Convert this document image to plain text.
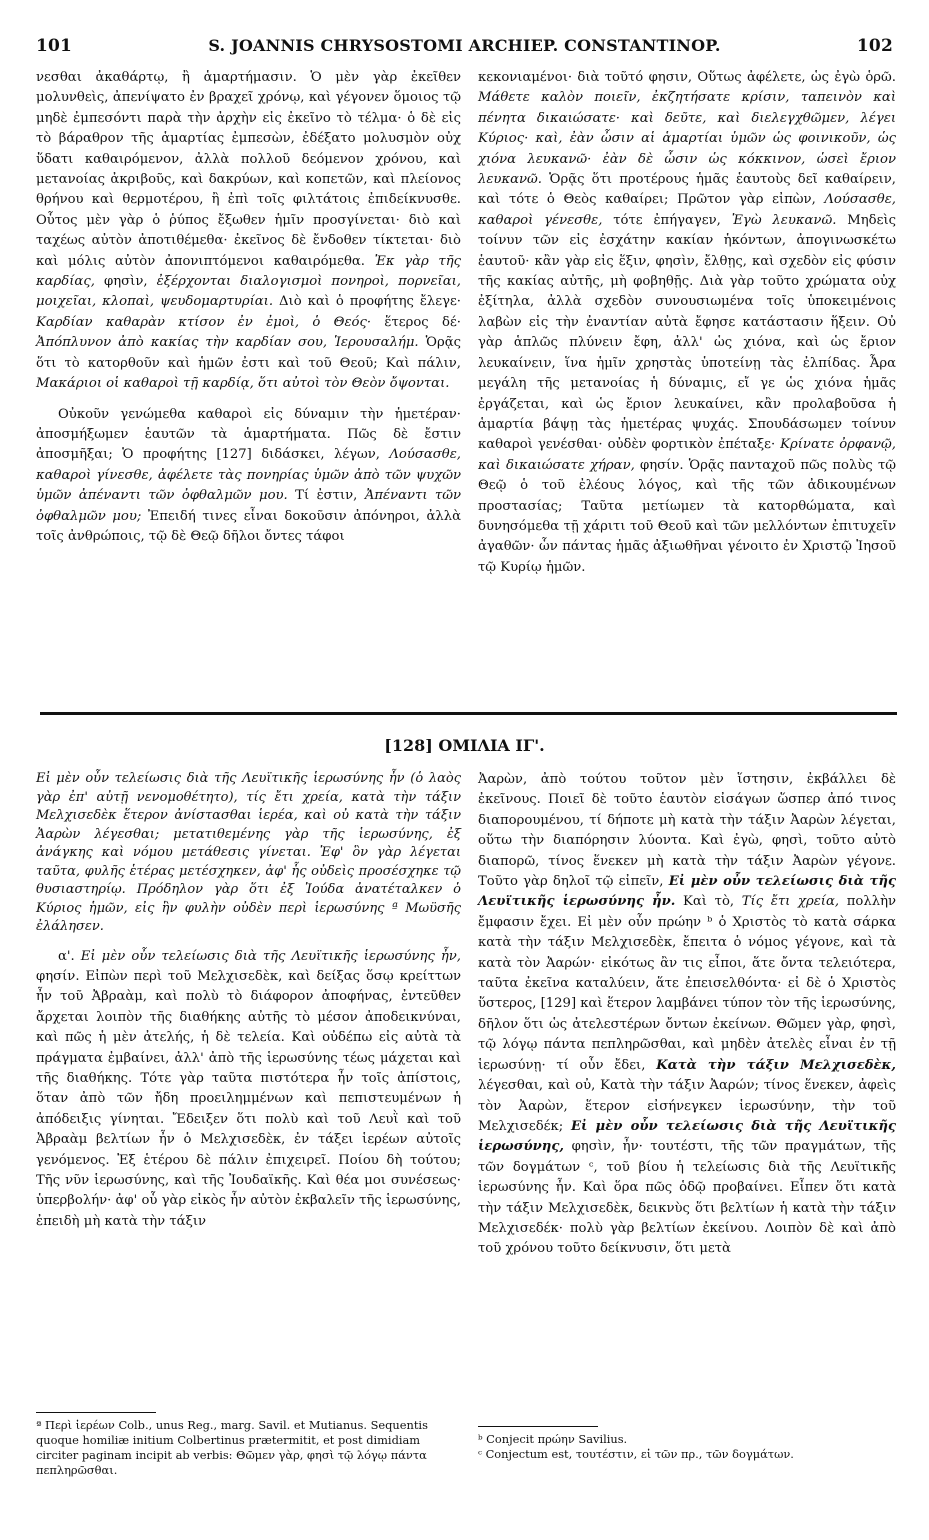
101	S. JOANNIS CHRYSOSTOMI ARCHIEP. CONSTANTINOP.	102

νεσθαι ἀκαθάρτῳ, ἢ ἁμαρτήμασιν. Ὁ μὲν γὰρ ἐκεῖθεν μολυνθεὶς, ἀπενίψατο ἐν βραχεῖ χρόνῳ, καὶ γέγονεν ὅμοιος τῷ μηδὲ ἐμπεσόντι παρὰ τὴν ἀρχὴν εἰς ἐκεῖνο τὸ τέλμα· ὁ δὲ εἰς τὸ βάραθρον τῆς ἁμαρτίας ἐμπεσὼν, ἐδέξατο μολυσμὸν οὐχ ὕδατι καθαιρόμενον, ἀλλὰ πολλοῦ δεόμενον χρόνου, καὶ μετανοίας ἀκριβοῦς, καὶ δακρύων, καὶ κοπετῶν, καὶ πλείονος θρήνου καὶ θερμοτέρου, ἢ ἐπὶ τοῖς φιλτάτοις ἐπιδείκνυσθε. Οὗτος μὲν γὰρ ὁ ῥύπος ἔξωθεν ἡμῖν προσγίνεται· διὸ καὶ ταχέως αὐτὸν ἀποτιθέμεθα· ἐκεῖνος δὲ ἔνδοθεν τίκτεται· διὸ καὶ μόλις αὐτὸν ἀπονιπτόμενοι καθαιρόμεθα. Ἐκ γὰρ τῆς καρδίας, φησὶν, ἐξέρχονται διαλογισμοὶ πονηροὶ, πορνεῖαι, μοιχεῖαι, κλοπαὶ, ψευδομαρτυρίαι. Διὸ καὶ ὁ προφήτης ἔλεγε· Καρδίαν καθαρὰν κτίσον ἐν ἐμοὶ, ὁ Θεός· ἕτερος δέ· Ἀπόπλυνον ἀπὸ κακίας τὴν καρδίαν σου, Ἱερουσαλήμ. Ὁρᾷς ὅτι τὸ κατορθοῦν καὶ ἡμῶν ἐστι καὶ τοῦ Θεοῦ; Καὶ πάλιν, Μακάριοι οἱ καθαροὶ τῇ καρδίᾳ, ὅτι αὐτοὶ τὸν Θεὸν ὄψονται.

Οὐκοῦν γενώμεθα καθαροὶ εἰς δύναμιν τὴν ἡμετέραν· ἀποσμήξωμεν ἑαυτῶν τὰ ἁμαρτήματα. Πῶς δὲ ἔστιν ἀποσμῆξαι; Ὁ προφήτης [127] διδάσκει, λέγων, Λούσασθε, καθαροὶ γίνεσθε, ἀφέλετε τὰς πονηρίας ὑμῶν ἀπὸ τῶν ψυχῶν ὑμῶν ἀπέναντι τῶν ὀφθαλμῶν μου. Τί ἐστιν, Ἀπέναντι τῶν ὀφθαλμῶν μου; Ἐπειδή τινες εἶναι δοκοῦσιν ἀπόνηροι, ἀλλὰ τοῖς ἀνθρώποις, τῷ δὲ Θεῷ δῆλοι ὄντες τάφοι

κεκονιαμένοι· διὰ τοῦτό φησιν, Οὕτως ἀφέλετε, ὡς ἐγὼ ὁρῶ. Μάθετε καλὸν ποιεῖν, ἐκζητήσατε κρίσιν, ταπεινὸν καὶ πένητα δικαιώσατε· καὶ δεῦτε, καὶ διελεγχθῶμεν, λέγει Κύριος· καὶ, ἐὰν ὦσιν αἱ ἁμαρτίαι ὑμῶν ὡς φοινικοῦν, ὡς χιόνα λευκανῶ· ἐὰν δὲ ὦσιν ὡς κόκκινον, ὡσεὶ ἔριον λευκανῶ. Ὁρᾷς ὅτι προτέρους ἡμᾶς ἑαυτοὺς δεῖ καθαίρειν, καὶ τότε ὁ Θεὸς καθαίρει; Πρῶτον γὰρ εἰπὼν, Λούσασθε, καθαροὶ γένεσθε, τότε ἐπήγαγεν, Ἐγὼ λευκανῶ. Μηδεὶς τοίνυν τῶν εἰς ἐσχάτην κακίαν ἡκόντων, ἀπογινωσκέτω ἑαυτοῦ· κἂν γὰρ εἰς ἕξιν, φησὶν, ἔλθῃς, καὶ σχεδὸν εἰς φύσιν τῆς κακίας αὐτῆς, μὴ φοβηθῇς. Διὰ γὰρ τοῦτο χρώματα οὐχ ἐξίτηλα, ἀλλὰ σχεδὸν συνουσιωμένα τοῖς ὑποκειμένοις λαβὼν εἰς τὴν ἐναντίαν αὐτὰ ἔφησε κατάστασιν ἥξειν. Οὐ γὰρ ἁπλῶς πλύνειν ἔφη, ἀλλ' ὡς χιόνα, καὶ ὡς ἔριον λευκαίνειν, ἵνα ἡμῖν χρηστὰς ὑποτείνῃ τὰς ἐλπίδας. Ἆρα μεγάλη τῆς μετανοίας ἡ δύναμις, εἴ γε ὡς χιόνα ἡμᾶς ἐργάζεται, καὶ ὡς ἔριον λευκαίνει, κἂν προλαβοῦσα ἡ ἁμαρτία βάψῃ τὰς ἡμετέρας ψυχάς. Σπουδάσωμεν τοίνυν καθαροὶ γενέσθαι· οὐδὲν φορτικὸν ἐπέταξε· Κρίνατε ὀρφανῷ, καὶ δικαιώσατε χήραν, φησίν. Ὁρᾷς πανταχοῦ πῶς πολὺς τῷ Θεῷ ὁ τοῦ ἐλέους λόγος, καὶ τῆς τῶν ἀδικουμένων προστασίας; Ταῦτα μετίωμεν τὰ κατορθώματα, καὶ δυνησόμεθα τῇ χάριτι τοῦ Θεοῦ καὶ τῶν μελλόντων ἐπιτυχεῖν ἀγαθῶν· ὧν πάντας ἡμᾶς ἀξιωθῆναι γένοιτο ἐν Χριστῷ Ἰησοῦ τῷ Κυρίῳ ἡμῶν.

[128] ΟΜΙΛΙΑ ΙΓ'.

Εἰ μὲν οὖν τελείωσις διὰ τῆς Λευϊτικῆς ἱερωσύνης ἦν (ὁ λαὸς γὰρ ἐπ' αὐτῇ νενομοθέτητο), τίς ἔτι χρεία, κατὰ τὴν τάξιν Μελχισεδὲκ ἕτερον ἀνίστασθαι ἱερέα, καὶ οὐ κατὰ τὴν τάξιν Ἀαρὼν λέγεσθαι; μετατιθεμένης γὰρ τῆς ἱερωσύνης, ἐξ ἀνάγκης καὶ νόμου μετάθεσις γίνεται. Ἐφ' ὃν γὰρ λέγεται ταῦτα, φυλῆς ἑτέρας μετέσχηκεν, ἀφ' ἧς οὐδεὶς προσέσχηκε τῷ θυσιαστηρίῳ. Πρόδηλον γὰρ ὅτι ἐξ Ἰούδα ἀνατέταλκεν ὁ Κύριος ἡμῶν, εἰς ἣν φυλὴν οὐδὲν περὶ ἱερωσύνης ª Μωϋσῆς ἐλάλησεν.

α'. Εἰ μὲν οὖν τελείωσις διὰ τῆς Λευϊτικῆς ἱερωσύνης ἦν, φησίν. Εἰπὼν περὶ τοῦ Μελχισεδὲκ, καὶ δείξας ὅσῳ κρείττων ἦν τοῦ Ἀβραὰμ, καὶ πολὺ τὸ διάφορον ἀποφήνας, ἐντεῦθεν ἄρχεται λοιπὸν τῆς διαθήκης αὐτῆς τὸ μέσον ἀποδεικνύναι, καὶ πῶς ἡ μὲν ἀτελής, ἡ δὲ τελεία. Καὶ οὐδέπω εἰς αὐτὰ τὰ πράγματα ἐμβαίνει, ἀλλ' ἀπὸ τῆς ἱερωσύνης τέως μάχεται καὶ τῆς διαθήκης. Τότε γὰρ ταῦτα πιστότερα ἦν τοῖς ἀπίστοις, ὅταν ἀπὸ τῶν ἤδη προειλημμένων καὶ πεπιστευμένων ἡ ἀπόδειξις γίνηται. Ἔδειξεν ὅτι πολὺ καὶ τοῦ Λευῒ καὶ τοῦ Ἀβραὰμ βελτίων ἦν ὁ Μελχισεδὲκ, ἐν τάξει ἱερέων αὐτοῖς γενόμενος. Ἐξ ἑτέρου δὲ πάλιν ἐπιχειρεῖ. Ποίου δὴ τούτου; Τῆς νῦν ἱερωσύνης, καὶ τῆς Ἰουδαϊκῆς. Καὶ θέα μοι συνέσεως· ὑπερβολήν· ἀφ' οὗ γὰρ εἰκὸς ἦν αὐτὸν ἐκβαλεῖν τῆς ἱερωσύνης, ἐπειδὴ μὴ κατὰ τὴν τάξιν

Ἀαρὼν, ἀπὸ τούτου τοῦτον μὲν ἵστησιν, ἐκβάλλει δὲ ἐκεῖνους. Ποιεῖ δὲ τοῦτο ἑαυτὸν εἰσάγων ὥσπερ ἀπό τινος διαπορουμένου, τί δήποτε μὴ κατὰ τὴν τάξιν Ἀαρὼν λέγεται, οὕτω τὴν διαπόρησιν λύοντα. Καὶ ἐγὼ, φησὶ, τοῦτο αὐτὸ διαπορῶ, τίνος ἕνεκεν μὴ κατὰ τὴν τάξιν Ἀαρὼν γέγονε. Τοῦτο γὰρ δηλοῖ τῷ εἰπεῖν, Εἰ μὲν οὖν τελείωσις διὰ τῆς Λευϊτικῆς ἱερωσύνης ἦν. Καὶ τὸ, Τίς ἔτι χρεία, πολλὴν ἔμφασιν ἔχει. Εἰ μὲν οὖν πρώην ᵇ ὁ Χριστὸς τὸ κατὰ σάρκα κατὰ τὴν τάξιν Μελχισεδὲκ, ἔπειτα ὁ νόμος γέγονε, καὶ τὰ κατὰ τὸν Ἀαρών· εἰκότως ἂν τις εἶποι, ἅτε ὄντα τελειότερα, ταῦτα ἐκεῖνα καταλύειν, ἅτε ἐπεισελθόντα· εἰ δὲ ὁ Χριστὸς ὕστερος, [129] καὶ ἕτερον λαμβάνει τύπον τὸν τῆς ἱερωσύνης, δῆλον ὅτι ὡς ἀτελεστέρων ὄντων ἐκείνων. Θῶμεν γὰρ, φησὶ, τῷ λόγῳ πάντα πεπληρῶσθαι, καὶ μηδὲν ἀτελὲς εἶναι ἐν τῇ ἱερωσύνῃ· τί οὖν ἔδει, Κατὰ τὴν τάξιν Μελχισεδὲκ, λέγεσθαι, καὶ οὐ, Κατὰ τὴν τάξιν Ἀαρών; τίνος ἕνεκεν, ἀφεὶς τὸν Ἀαρὼν, ἕτερον εἰσήνεγκεν ἱερωσύνην, τὴν τοῦ Μελχισεδέκ; Εἰ μὲν οὖν τελείωσις διὰ τῆς Λευϊτικῆς ἱερωσύνης, φησὶν, ἦν· τουτέστι, τῆς τῶν πραγμάτων, τῆς τῶν δογμάτων ᶜ, τοῦ βίου ἡ τελείωσις διὰ τῆς Λευϊτικῆς ἱερωσύνης ἦν. Καὶ ὅρα πῶς ὁδῷ προβαίνει. Εἶπεν ὅτι κατὰ τὴν τάξιν Μελχισεδὲκ, δεικνὺς ὅτι βελτίων ἡ κατὰ τὴν τάξιν Μελχισεδέκ· πολὺ γὰρ βελτίων ἐκείνου. Λοιπὸν δὲ καὶ ἀπὸ τοῦ χρόνου τοῦτο δείκνυσιν, ὅτι μετὰ

ª Περὶ ἱερέων Colb., unus Reg., marg. Savil. et Mutianus. Sequentis quoque homiliæ initium Colbertinus prætermitit, et post dimidiam circiter paginam incipit ab verbis: Θῶμεν γὰρ, φησὶ τῷ λόγῳ πάντα πεπληρῶσθαι.
ᵇ Conjecit πρώην Savilius.
ᶜ Conjectum est, τουτέστιν, εἰ τῶν πρ., τῶν δογμάτων.
